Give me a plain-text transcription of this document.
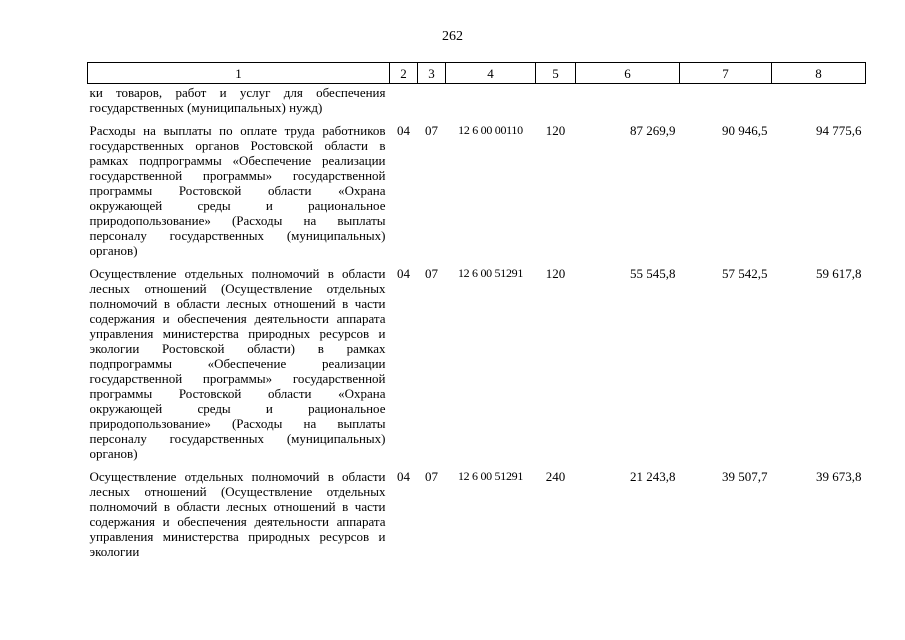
262
1	2	3	4	5	6	7	8
ки товаров, работ и услуг для обеспечения государственных (муниципальных) нужд)							
Расходы на выплаты по оплате труда работников государственных органов Ростовской области в рамках подпрограммы «Обеспечение реализации государственной программы» государственной программы Ростовской области «Охрана окружающей среды и рациональное природопользование» (Расходы на выплаты персоналу государственных (муниципальных) органов)	04	07	12 6 00 00110	120	87 269,9	90 946,5	94 775,6
Осуществление отдельных полномочий в области лесных отношений (Осуществление отдельных полномочий в области лесных отношений в части содержания и обеспечения деятельности аппарата управления министерства природных ресурсов и экологии Ростовской области) в рамках подпрограммы «Обеспечение реализации государственной программы» государственной программы Ростовской области «Охрана окружающей среды и рациональное природопользование» (Расходы на выплаты персоналу государственных (муниципальных) органов)	04	07	12 6 00 51291	120	55 545,8	57 542,5	59 617,8
Осуществление отдельных полномочий в области лесных отношений (Осуществление отдельных полномочий в области лесных отношений в части содержания и обеспечения деятельности аппарата управления министерства природных ресурсов и экологии	04	07	12 6 00 51291	240	21 243,8	39 507,7	39 673,8
